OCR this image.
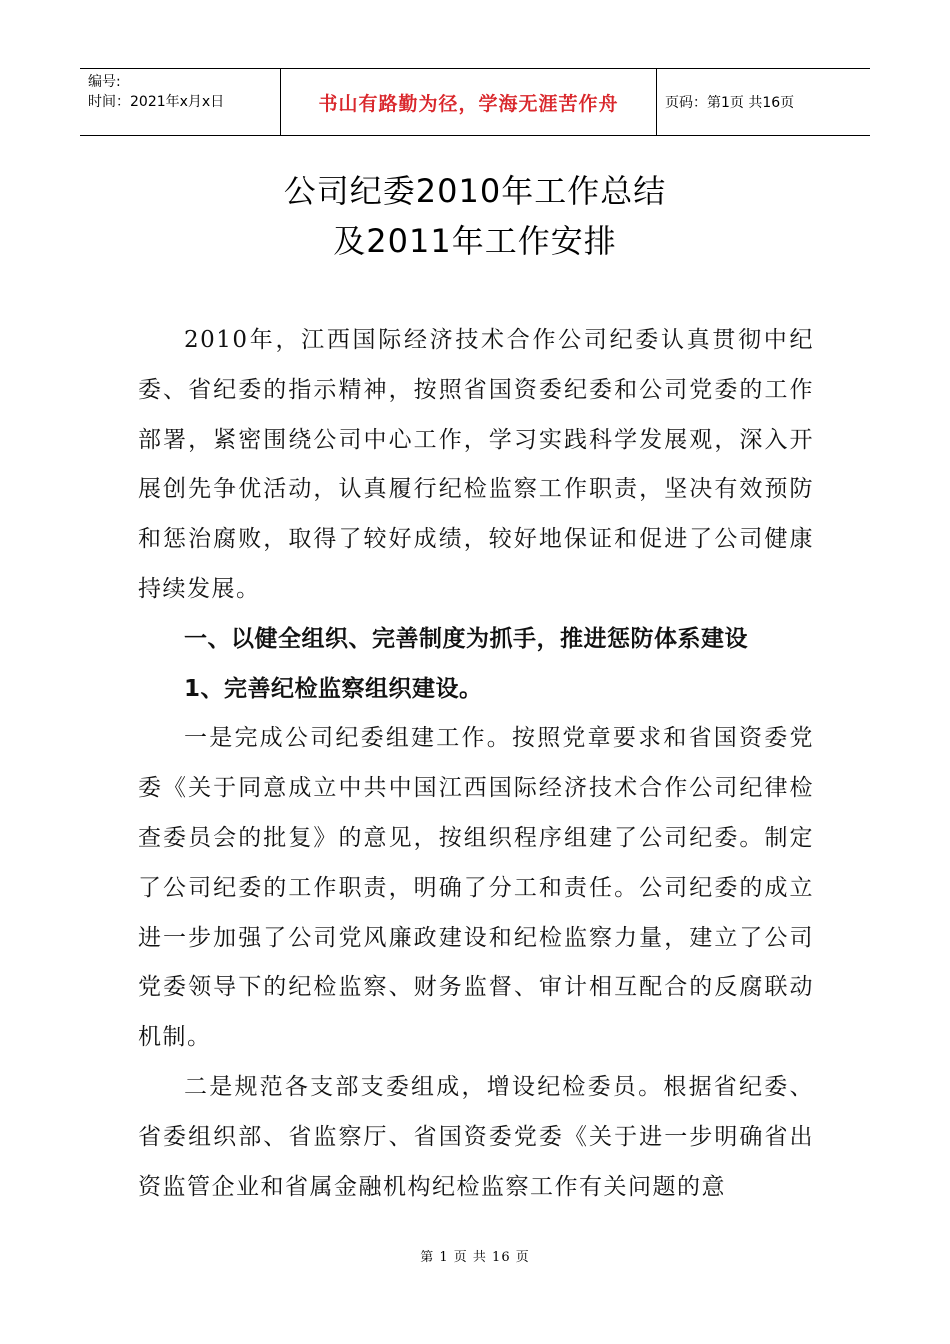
编号:
时间：2021年x月x日	书山有路勤为径，学海无涯苦作舟	页码：第1页 共16页
公司纪委2010年工作总结
及2011年工作安排

2010年，江西国际经济技术合作公司纪委认真贯彻中纪委、省纪委的指示精神，按照省国资委纪委和公司党委的工作部署，紧密围绕公司中心工作，学习实践科学发展观，深入开展创先争优活动，认真履行纪检监察工作职责，坚决有效预防和惩治腐败，取得了较好成绩，较好地保证和促进了公司健康持续发展。

一、以健全组织、完善制度为抓手，推进惩防体系建设

1、完善纪检监察组织建设。

一是完成公司纪委组建工作。按照党章要求和省国资委党委《关于同意成立中共中国江西国际经济技术合作公司纪律检查委员会的批复》的意见，按组织程序组建了公司纪委。制定了公司纪委的工作职责，明确了分工和责任。公司纪委的成立进一步加强了公司党风廉政建设和纪检监察力量，建立了公司党委领导下的纪检监察、财务监督、审计相互配合的反腐联动机制。

二是规范各支部支委组成，增设纪检委员。根据省纪委、省委组织部、省监察厅、省国资委党委《关于进一步明确省出资监管企业和省属金融机构纪检监察工作有关问题的意

第 1 页 共 16 页
